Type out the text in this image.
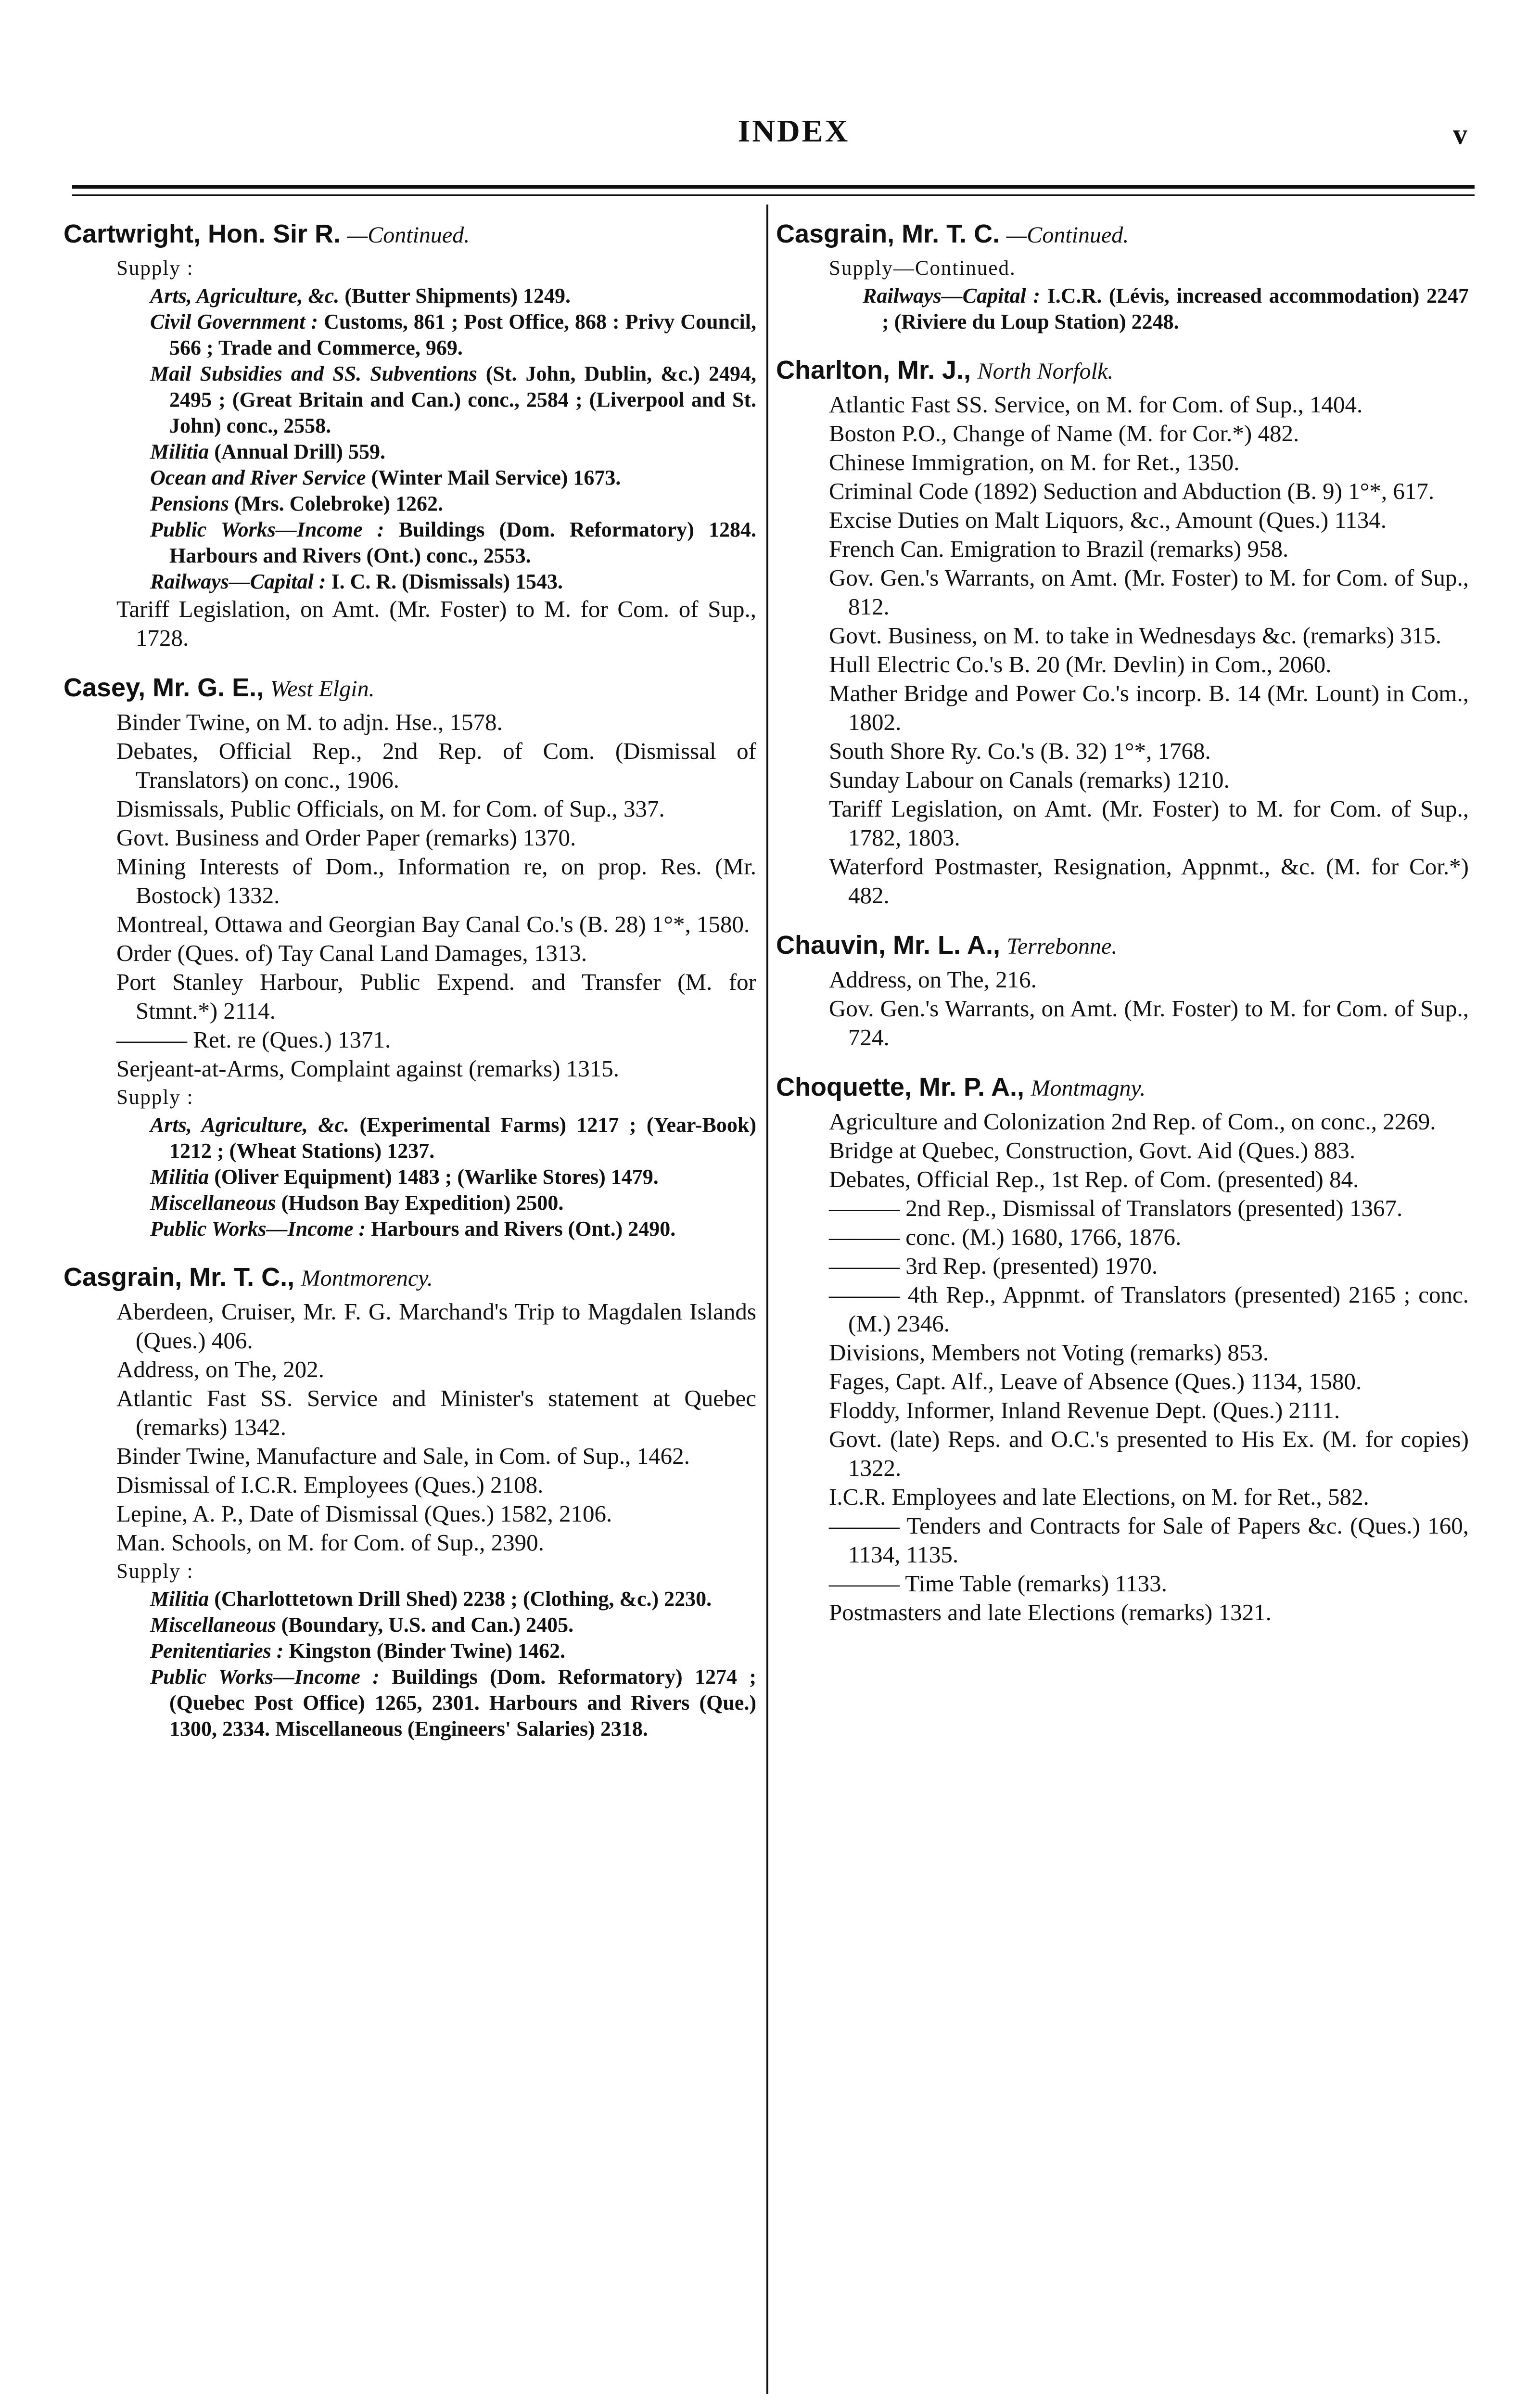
INDEX	v

Cartwright, Hon. Sir R. —Continued.

Supply :

Arts, Agriculture, &c. (Butter Shipments) 1249.

Civil Government : Customs, 861 ; Post Office, 868 : Privy Council, 566 ; Trade and Commerce, 969.

Mail Subsidies and SS. Subventions (St. John, Dublin, &c.) 2494, 2495 ; (Great Britain and Can.) conc., 2584 ; (Liverpool and St. John) conc., 2558.

Militia (Annual Drill) 559.

Ocean and River Service (Winter Mail Service) 1673.

Pensions (Mrs. Colebroke) 1262.

Public Works—Income : Buildings (Dom. Reformatory) 1284. Harbours and Rivers (Ont.) conc., 2553.

Railways—Capital : I. C. R. (Dismissals) 1543.

Tariff Legislation, on Amt. (Mr. Foster) to M. for Com. of Sup., 1728.

Casey, Mr. G. E., West Elgin.

Binder Twine, on M. to adjn. Hse., 1578.

Debates, Official Rep., 2nd Rep. of Com. (Dismissal of Translators) on conc., 1906.

Dismissals, Public Officials, on M. for Com. of Sup., 337.

Govt. Business and Order Paper (remarks) 1370.

Mining Interests of Dom., Information re, on prop. Res. (Mr. Bostock) 1332.

Montreal, Ottawa and Georgian Bay Canal Co.'s (B. 28) 1°*, 1580.

Order (Ques. of) Tay Canal Land Damages, 1313.

Port Stanley Harbour, Public Expend. and Transfer (M. for Stmnt.*) 2114.

——— Ret. re (Ques.) 1371.

Serjeant-at-Arms, Complaint against (remarks) 1315.

Supply :

Arts, Agriculture, &c. (Experimental Farms) 1217 ; (Year-Book) 1212 ; (Wheat Stations) 1237.

Militia (Oliver Equipment) 1483 ; (Warlike Stores) 1479.

Miscellaneous (Hudson Bay Expedition) 2500.

Public Works—Income : Harbours and Rivers (Ont.) 2490.

Casgrain, Mr. T. C., Montmorency.

Aberdeen, Cruiser, Mr. F. G. Marchand's Trip to Magdalen Islands (Ques.) 406.

Address, on The, 202.

Atlantic Fast SS. Service and Minister's statement at Quebec (remarks) 1342.

Binder Twine, Manufacture and Sale, in Com. of Sup., 1462.

Dismissal of I.C.R. Employees (Ques.) 2108.

Lepine, A. P., Date of Dismissal (Ques.) 1582, 2106.

Man. Schools, on M. for Com. of Sup., 2390.

Supply :

Militia (Charlottetown Drill Shed) 2238 ; (Clothing, &c.) 2230.

Miscellaneous (Boundary, U.S. and Can.) 2405.

Penitentiaries : Kingston (Binder Twine) 1462.

Public Works—Income : Buildings (Dom. Reformatory) 1274 ; (Quebec Post Office) 1265, 2301. Harbours and Rivers (Que.) 1300, 2334. Miscellaneous (Engineers' Salaries) 2318.

Casgrain, Mr. T. C. —Continued.

Supply—Continued.

Railways—Capital : I.C.R. (Lévis, increased accommodation) 2247 ; (Riviere du Loup Station) 2248.

Charlton, Mr. J., North Norfolk.

Atlantic Fast SS. Service, on M. for Com. of Sup., 1404.

Boston P.O., Change of Name (M. for Cor.*) 482.

Chinese Immigration, on M. for Ret., 1350.

Criminal Code (1892) Seduction and Abduction (B. 9) 1°*, 617.

Excise Duties on Malt Liquors, &c., Amount (Ques.) 1134.

French Can. Emigration to Brazil (remarks) 958.

Gov. Gen.'s Warrants, on Amt. (Mr. Foster) to M. for Com. of Sup., 812.

Govt. Business, on M. to take in Wednesdays &c. (remarks) 315.

Hull Electric Co.'s B. 20 (Mr. Devlin) in Com., 2060.

Mather Bridge and Power Co.'s incorp. B. 14 (Mr. Lount) in Com., 1802.

South Shore Ry. Co.'s (B. 32) 1°*, 1768.

Sunday Labour on Canals (remarks) 1210.

Tariff Legislation, on Amt. (Mr. Foster) to M. for Com. of Sup., 1782, 1803.

Waterford Postmaster, Resignation, Appnmt., &c. (M. for Cor.*) 482.

Chauvin, Mr. L. A., Terrebonne.

Address, on The, 216.

Gov. Gen.'s Warrants, on Amt. (Mr. Foster) to M. for Com. of Sup., 724.

Choquette, Mr. P. A., Montmagny.

Agriculture and Colonization 2nd Rep. of Com., on conc., 2269.

Bridge at Quebec, Construction, Govt. Aid (Ques.) 883.

Debates, Official Rep., 1st Rep. of Com. (presented) 84.

——— 2nd Rep., Dismissal of Translators (presented) 1367.

——— conc. (M.) 1680, 1766, 1876.

——— 3rd Rep. (presented) 1970.

——— 4th Rep., Appnmt. of Translators (presented) 2165 ; conc. (M.) 2346.

Divisions, Members not Voting (remarks) 853.

Fages, Capt. Alf., Leave of Absence (Ques.) 1134, 1580.

Floddy, Informer, Inland Revenue Dept. (Ques.) 2111.

Govt. (late) Reps. and O.C.'s presented to His Ex. (M. for copies) 1322.

I.C.R. Employees and late Elections, on M. for Ret., 582.

——— Tenders and Contracts for Sale of Papers &c. (Ques.) 160, 1134, 1135.

——— Time Table (remarks) 1133.

Postmasters and late Elections (remarks) 1321.
